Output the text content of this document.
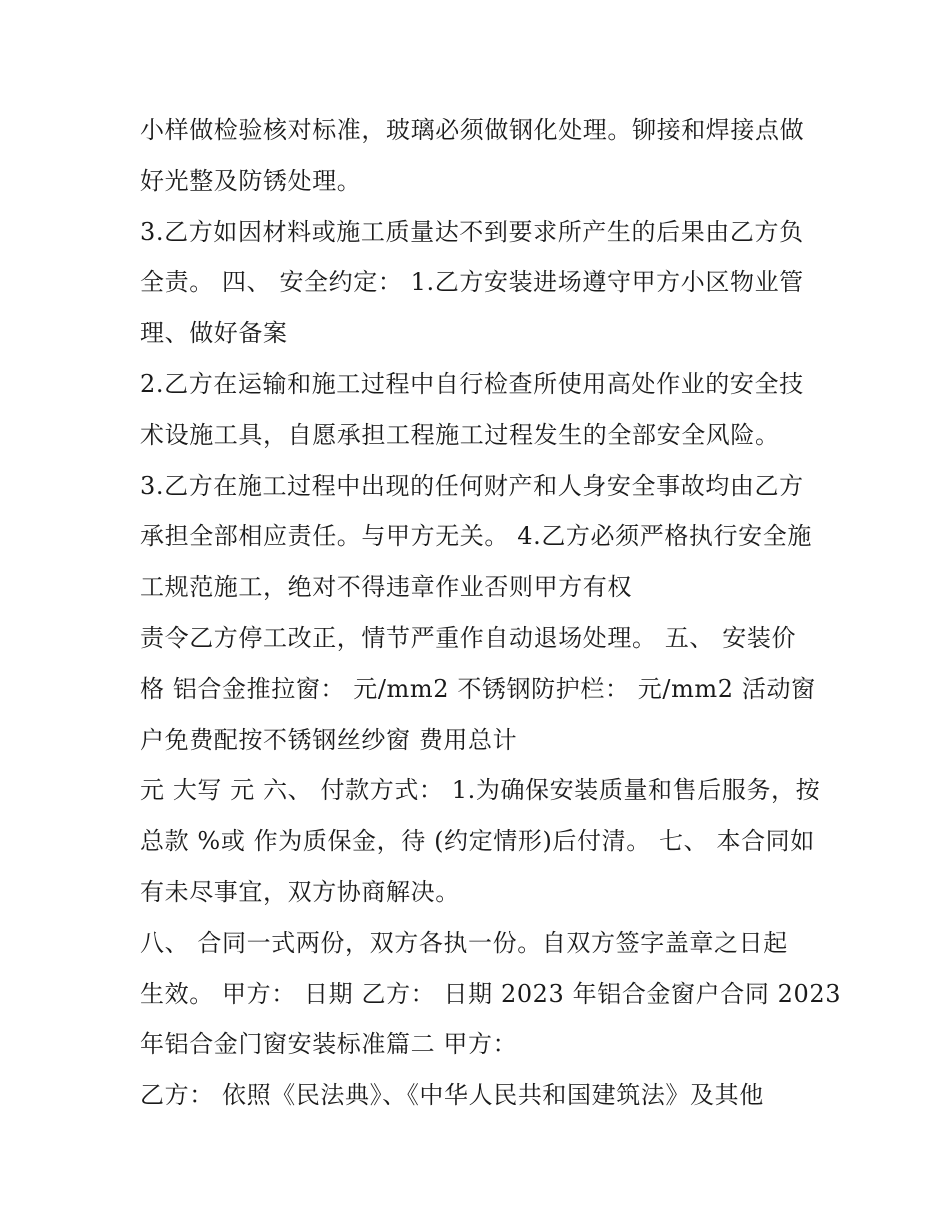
小样做检验核对标准，玻璃必须做钢化处理。铆接和焊接点做
好光整及防锈处理。
3.乙方如因材料或施工质量达不到要求所产生的后果由乙方负
全责。 四、 安全约定： 1.乙方安装进场遵守甲方小区物业管
理、做好备案
2.乙方在运输和施工过程中自行检查所使用高处作业的安全技
术设施工具，自愿承担工程施工过程发生的全部安全风险。
3.乙方在施工过程中出现的任何财产和人身安全事故均由乙方
承担全部相应责任。与甲方无关。 4.乙方必须严格执行安全施
工规范施工，绝对不得违章作业否则甲方有权
责令乙方停工改正，情节严重作自动退场处理。 五、 安装价
格 铝合金推拉窗： 元/mm2 不锈钢防护栏： 元/mm2 活动窗
户免费配按不锈钢丝纱窗 费用总计
元 大写 元 六、 付款方式： 1.为确保安装质量和售后服务，按
总款 %或 作为质保金，待 (约定情形)后付清。 七、 本合同如
有未尽事宜，双方协商解决。
八、 合同一式两份，双方各执一份。自双方签字盖章之日起
生效。 甲方： 日期 乙方： 日期 2023 年铝合金窗户合同 2023
年铝合金门窗安装标准篇二 甲方：
乙方： 依照《民法典》、《中华人民共和国建筑法》及其他
